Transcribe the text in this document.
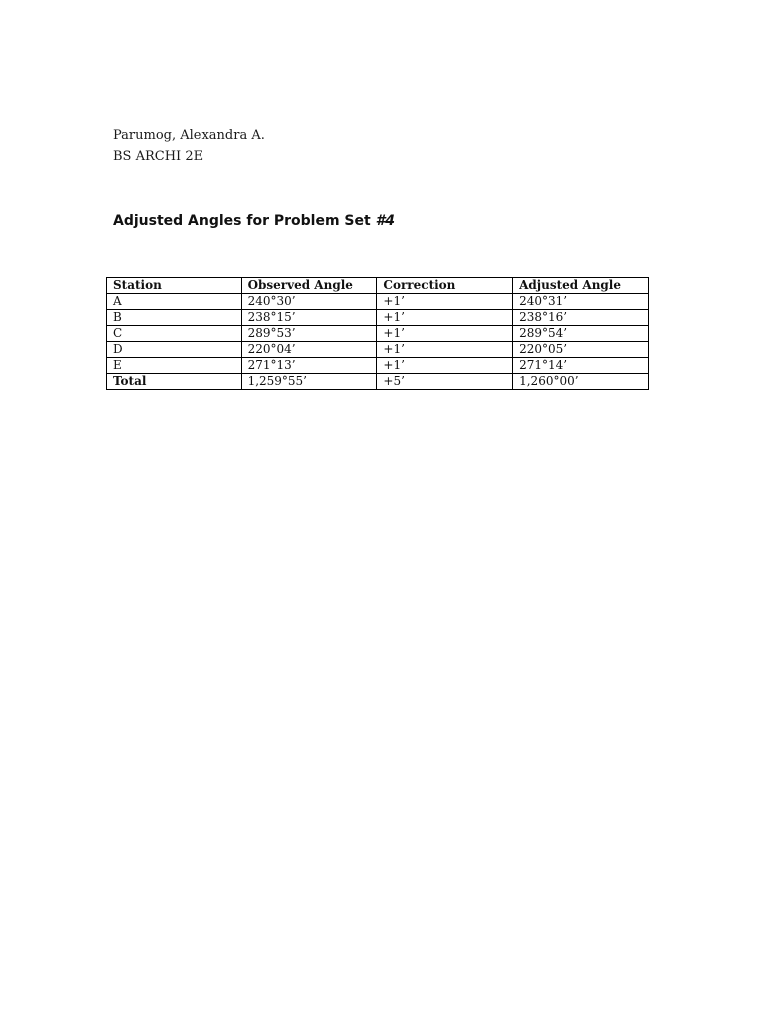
Parumog, Alexandra A.
BS ARCHI 2E
Adjusted Angles for Problem Set #4
Station	Observed Angle	Correction	Adjusted Angle
A	240°30’	+1’	240°31’
B	238°15’	+1’	238°16’
C	289°53’	+1’	289°54’
D	220°04’	+1’	220°05’
E	271°13’	+1’	271°14’
Total	1,259°55’	+5’	1,260°00’
